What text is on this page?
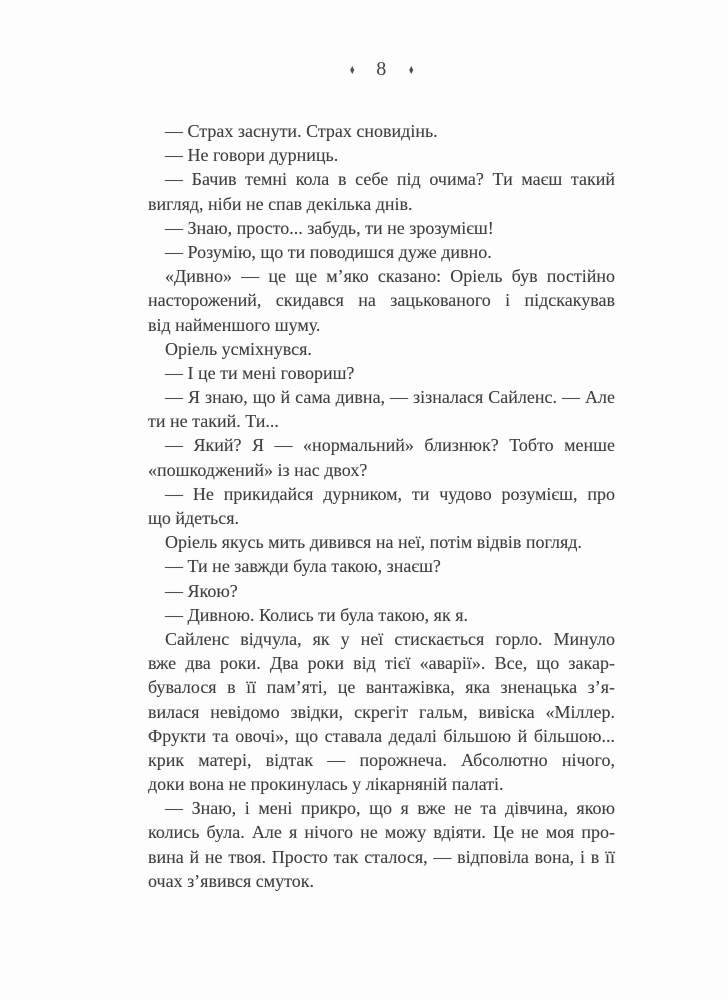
♦ 8 ♦
— Страх заснути. Страх сновидінь.
— Не говори дурниць.
— Бачив темні кола в себе під очима? Ти маєш такий
вигляд, ніби не спав декілька днів.
— Знаю, просто... забудь, ти не зрозумієш!
— Розумію, що ти поводишся дуже дивно.
«Дивно» — це ще м’яко сказано: Оріель був постійно
насторожений, скидався на зацькованого і підскакував
від найменшого шуму.
Оріель усміхнувся.
— І це ти мені говориш?
— Я знаю, що й сама дивна, — зізналася Сайленс. — Але
ти не такий. Ти...
— Який? Я — «нормальний» близнюк? Тобто менше
«пошкоджений» із нас двох?
— Не прикидайся дурником, ти чудово розумієш, про
що йдеться.
Оріель якусь мить дивився на неї, потім відвів погляд.
— Ти не завжди була такою, знаєш?
— Якою?
— Дивною. Колись ти була такою, як я.
Сайленс відчула, як у неї стискається горло. Минуло
вже два роки. Два роки від тієї «аварії». Все, що закар-
бувалося в її пам’яті, це вантажівка, яка зненацька з’я-
вилася невідомо звідки, скрегіт гальм, вивіска «Міллер.
Фрукти та овочі», що ставала дедалі більшою й більшою...
крик матері, відтак — порожнеча. Абсолютно нічого,
доки вона не прокинулась у лікарняній палаті.
— Знаю, і мені прикро, що я вже не та дівчина, якою
колись була. Але я нічого не можу вдіяти. Це не моя про-
вина й не твоя. Просто так сталося, — відповіла вона, і в її
очах з’явився смуток.
